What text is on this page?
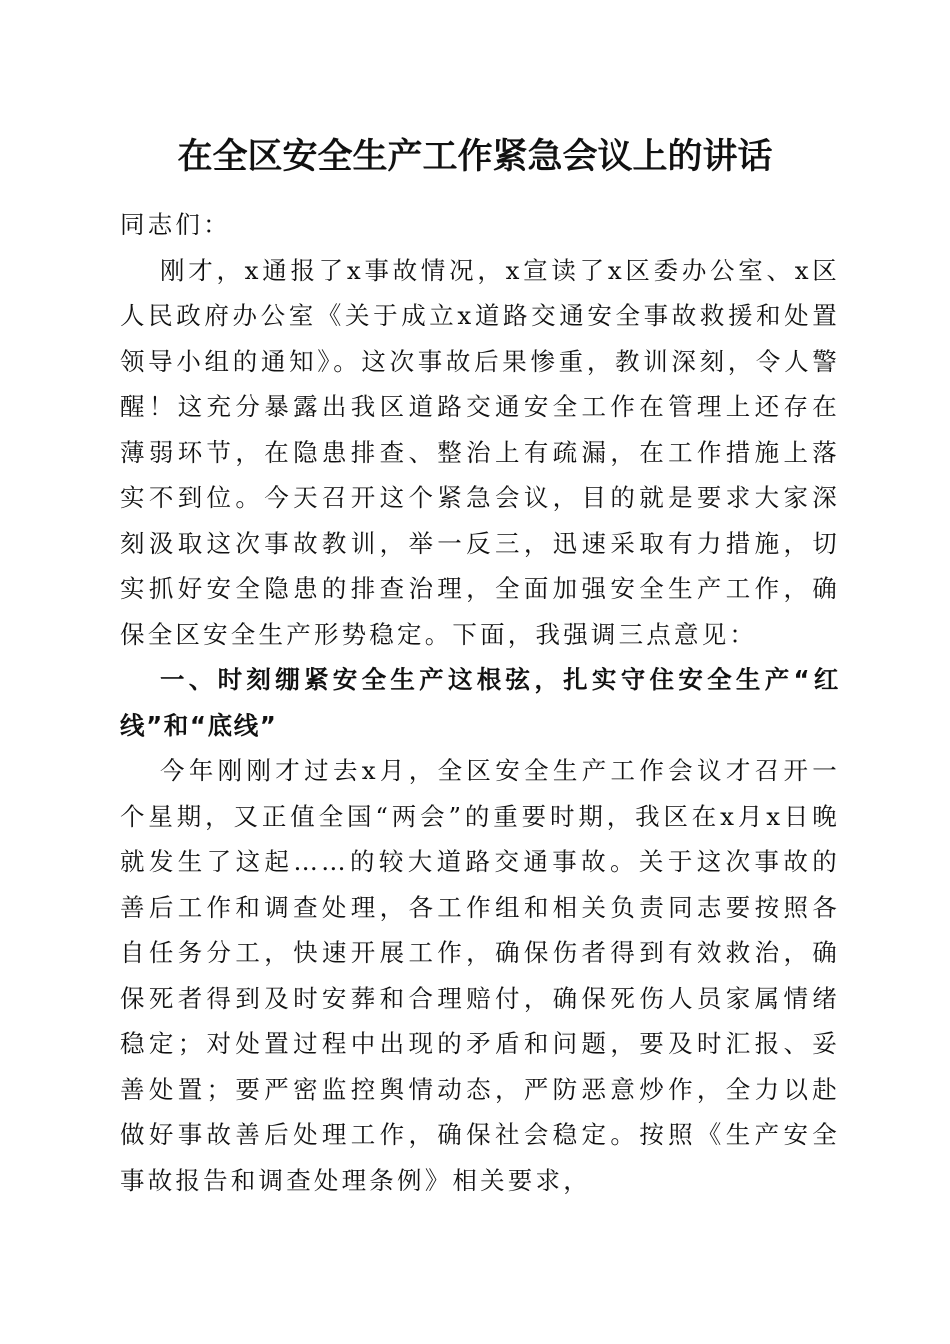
在全区安全生产工作紧急会议上的讲话

同志们：

刚才，x通报了x事故情况，x宣读了x区委办公室、x区人民政府办公室《关于成立x道路交通安全事故救援和处置领导小组的通知》。这次事故后果惨重，教训深刻，令人警醒！这充分暴露出我区道路交通安全工作在管理上还存在薄弱环节，在隐患排查、整治上有疏漏，在工作措施上落实不到位。今天召开这个紧急会议，目的就是要求大家深刻汲取这次事故教训，举一反三，迅速采取有力措施，切实抓好安全隐患的排查治理，全面加强安全生产工作，确保全区安全生产形势稳定。下面，我强调三点意见：

一、时刻绷紧安全生产这根弦，扎实守住安全生产“红线”和“底线”

今年刚刚才过去x月，全区安全生产工作会议才召开一个星期，又正值全国“两会”的重要时期，我区在x月x日晚就发生了这起……的较大道路交通事故。关于这次事故的善后工作和调查处理，各工作组和相关负责同志要按照各自任务分工，快速开展工作，确保伤者得到有效救治，确保死者得到及时安葬和合理赔付，确保死伤人员家属情绪稳定；对处置过程中出现的矛盾和问题，要及时汇报、妥善处置；要严密监控舆情动态，严防恶意炒作，全力以赴做好事故善后处理工作，确保社会稳定。按照《生产安全事故报告和调查处理条例》相关要求，
